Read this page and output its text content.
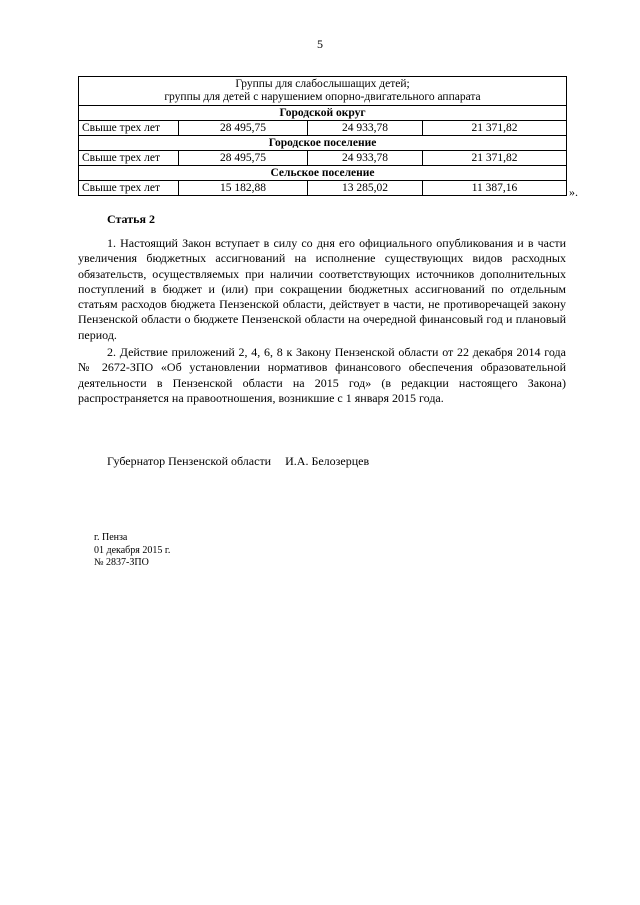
5
Группы для слабослышащих детей;
группы для детей с нарушением опорно-двигательного аппарата			

Городской округ			
Свыше трех лет	28 495,75	24 933,78	21 371,82
Городское поселение			
Свыше трех лет	28 495,75	24 933,78	21 371,82
Сельское поселение			
Свыше трех лет	15 182,88	13 285,02	11 387,16	».
Статья 2

1. Настоящий Закон вступает в силу со дня его официального опубликования и в части увеличения бюджетных ассигнований на исполнение существующих видов расходных обязательств, осуществляемых при наличии соответствующих источников дополнительных поступлений в бюджет и (или) при сокращении бюджетных ассигнований по отдельным статьям расходов бюджета Пензенской области, действует в части, не противоречащей закону Пензенской области о бюджете Пензенской области на очередной финансовый год и плановый период.

2. Действие приложений 2, 4, 6, 8 к Закону Пензенской области от 22 декабря 2014 года № 2672-ЗПО «Об установлении нормативов финансового обеспечения образовательной деятельности в Пензенской области на 2015 год» (в редакции настоящего Закона) распространяется на правоотношения, возникшие с 1 января 2015 года.

Губернатор Пензенской области И.А. Белозерцев
г. Пенза
01 декабря 2015 г.
№ 2837-ЗПО
